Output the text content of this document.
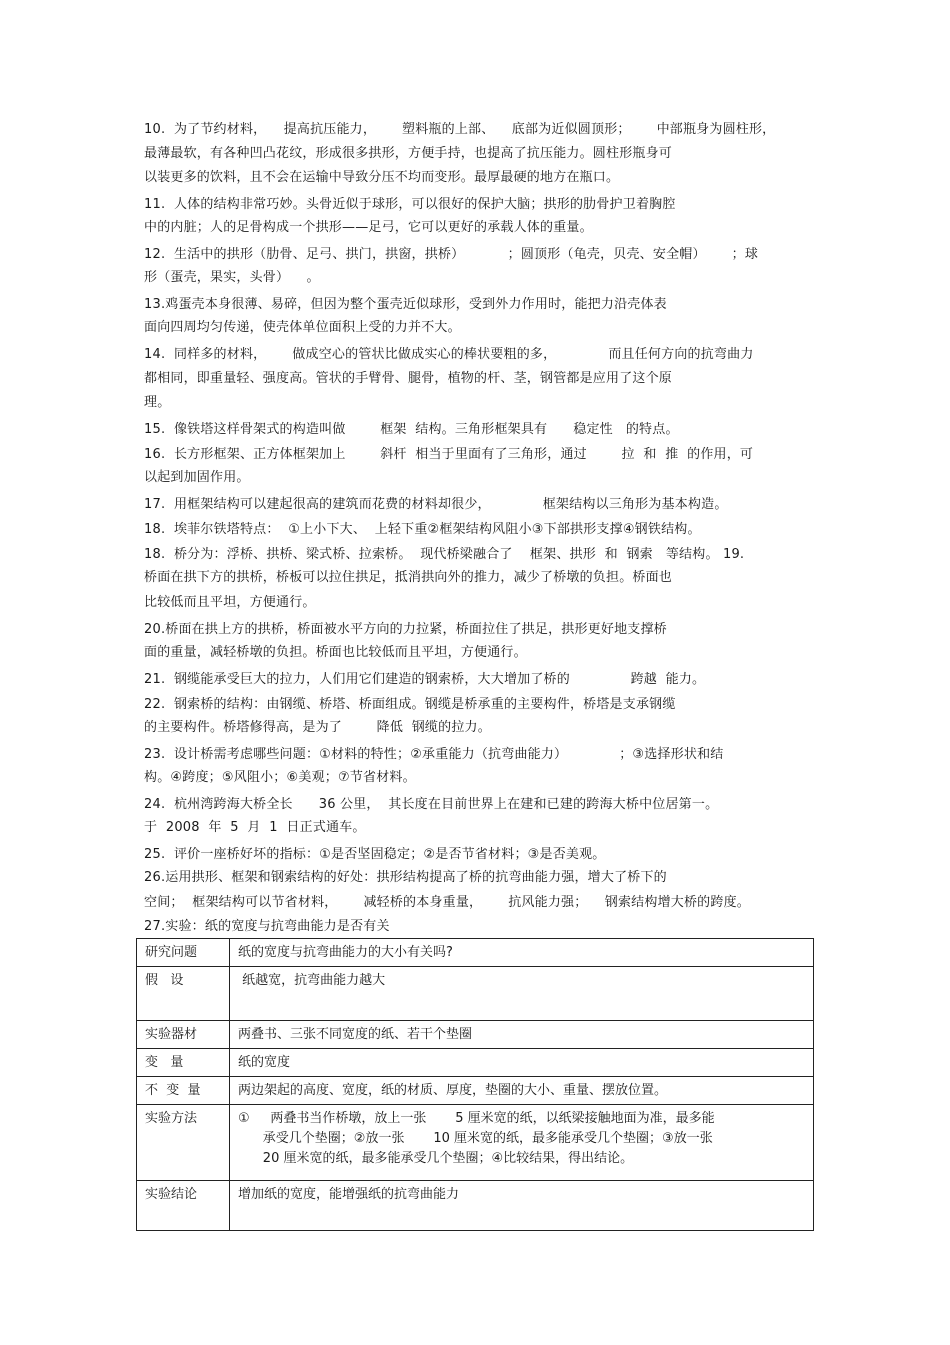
10.  为了节约材料，    提高抗压能力，      塑料瓶的上部、    底部为近似圆顶形；      中部瓶身为圆柱形，
最薄最软，有各种凹凸花纹，形成很多拱形，方便手持，也提高了抗压能力。圆柱形瓶身可
以装更多的饮料，且不会在运输中导致分压不均而变形。最厚最硬的地方在瓶口。
11.  人体的结构非常巧妙。头骨近似于球形，可以很好的保护大脑；拱形的肋骨护卫着胸腔
中的内脏；人的足骨构成一个拱形——足弓，它可以更好的承载人体的重量。
12.  生活中的拱形（肋骨、足弓、拱门，拱窗，拱桥）          ；圆顶形（龟壳，贝壳、安全帽）      ；球
形（蛋壳，果实，头骨）    。
13.鸡蛋壳本身很薄、易碎，但因为整个蛋壳近似球形，受到外力作用时，能把力沿壳体表
面向四周均匀传递，使壳体单位面积上受的力并不大。
14.  同样多的材料，      做成空心的管状比做成实心的棒状要粗的多，            而且任何方向的抗弯曲力
都相同，即重量轻、强度高。管状的手臂骨、腿骨，植物的杆、茎，钢管都是应用了这个原
理。
15.  像铁塔这样骨架式的构造叫做        框架  结构。三角形框架具有      稳定性   的特点。
16.  长方形框架、正方体框架加上        斜杆  相当于里面有了三角形，通过        拉  和  推  的作用，可
以起到加固作用。
17.  用框架结构可以建起很高的建筑而花费的材料却很少，            框架结构以三角形为基本构造。
18.  埃菲尔铁塔特点：  ①上小下大、  上轻下重②框架结构风阻小③下部拱形支撑④钢铁结构。
18.  桥分为：浮桥、拱桥、梁式桥、拉索桥。  现代桥梁融合了    框架、拱形  和  钢索   等结构。 19.
桥面在拱下方的拱桥，桥板可以拉住拱足，抵消拱向外的推力，减少了桥墩的负担。桥面也
比较低而且平坦，方便通行。
20.桥面在拱上方的拱桥，桥面被水平方向的力拉紧，桥面拉住了拱足，拱形更好地支撑桥
面的重量，减轻桥墩的负担。桥面也比较低而且平坦，方便通行。
21.  钢缆能承受巨大的拉力，人们用它们建造的钢索桥，大大增加了桥的              跨越  能力。
22.  钢索桥的结构：由钢缆、桥塔、桥面组成。钢缆是桥承重的主要构件，桥塔是支承钢缆
的主要构件。桥塔修得高，是为了        降低  钢缆的拉力。
23.  设计桥需考虑哪些问题：①材料的特性；②承重能力（抗弯曲能力）            ；③选择形状和结
构。④跨度；⑤风阻小；⑥美观；⑦节省材料。
24.  杭州湾跨海大桥全长      36 公里，  其长度在目前世界上在建和已建的跨海大桥中位居第一。
于  2008  年  5  月  1  日正式通车。
25.  评价一座桥好坏的指标：①是否坚固稳定；②是否节省材料；③是否美观。
26.运用拱形、框架和钢索结构的好处：拱形结构提高了桥的抗弯曲能力强，增大了桥下的
空间；  框架结构可以节省材料，      减轻桥的本身重量，      抗风能力强；    钢索结构增大桥的跨度。
27.实验：纸的宽度与抗弯曲能力是否有关
研究问题	纸的宽度与抗弯曲能力的大小有关吗?
假   设	纸越宽，抗弯曲能力越大
实验器材	两叠书、三张不同宽度的纸、若干个垫圈
变   量	纸的宽度
不  变  量	两边架起的高度、宽度，纸的材质、厚度，垫圈的大小、重量、摆放位置。
实验方法	①     两叠书当作桥墩，放上一张       5 厘米宽的纸，以纸梁接触地面为准，最多能
承受几个垫圈；②放一张       10 厘米宽的纸，最多能承受几个垫圈；③放一张
20 厘米宽的纸，最多能承受几个垫圈；④比较结果，得出结论。
实验结论	增加纸的宽度，能增强纸的抗弯曲能力
